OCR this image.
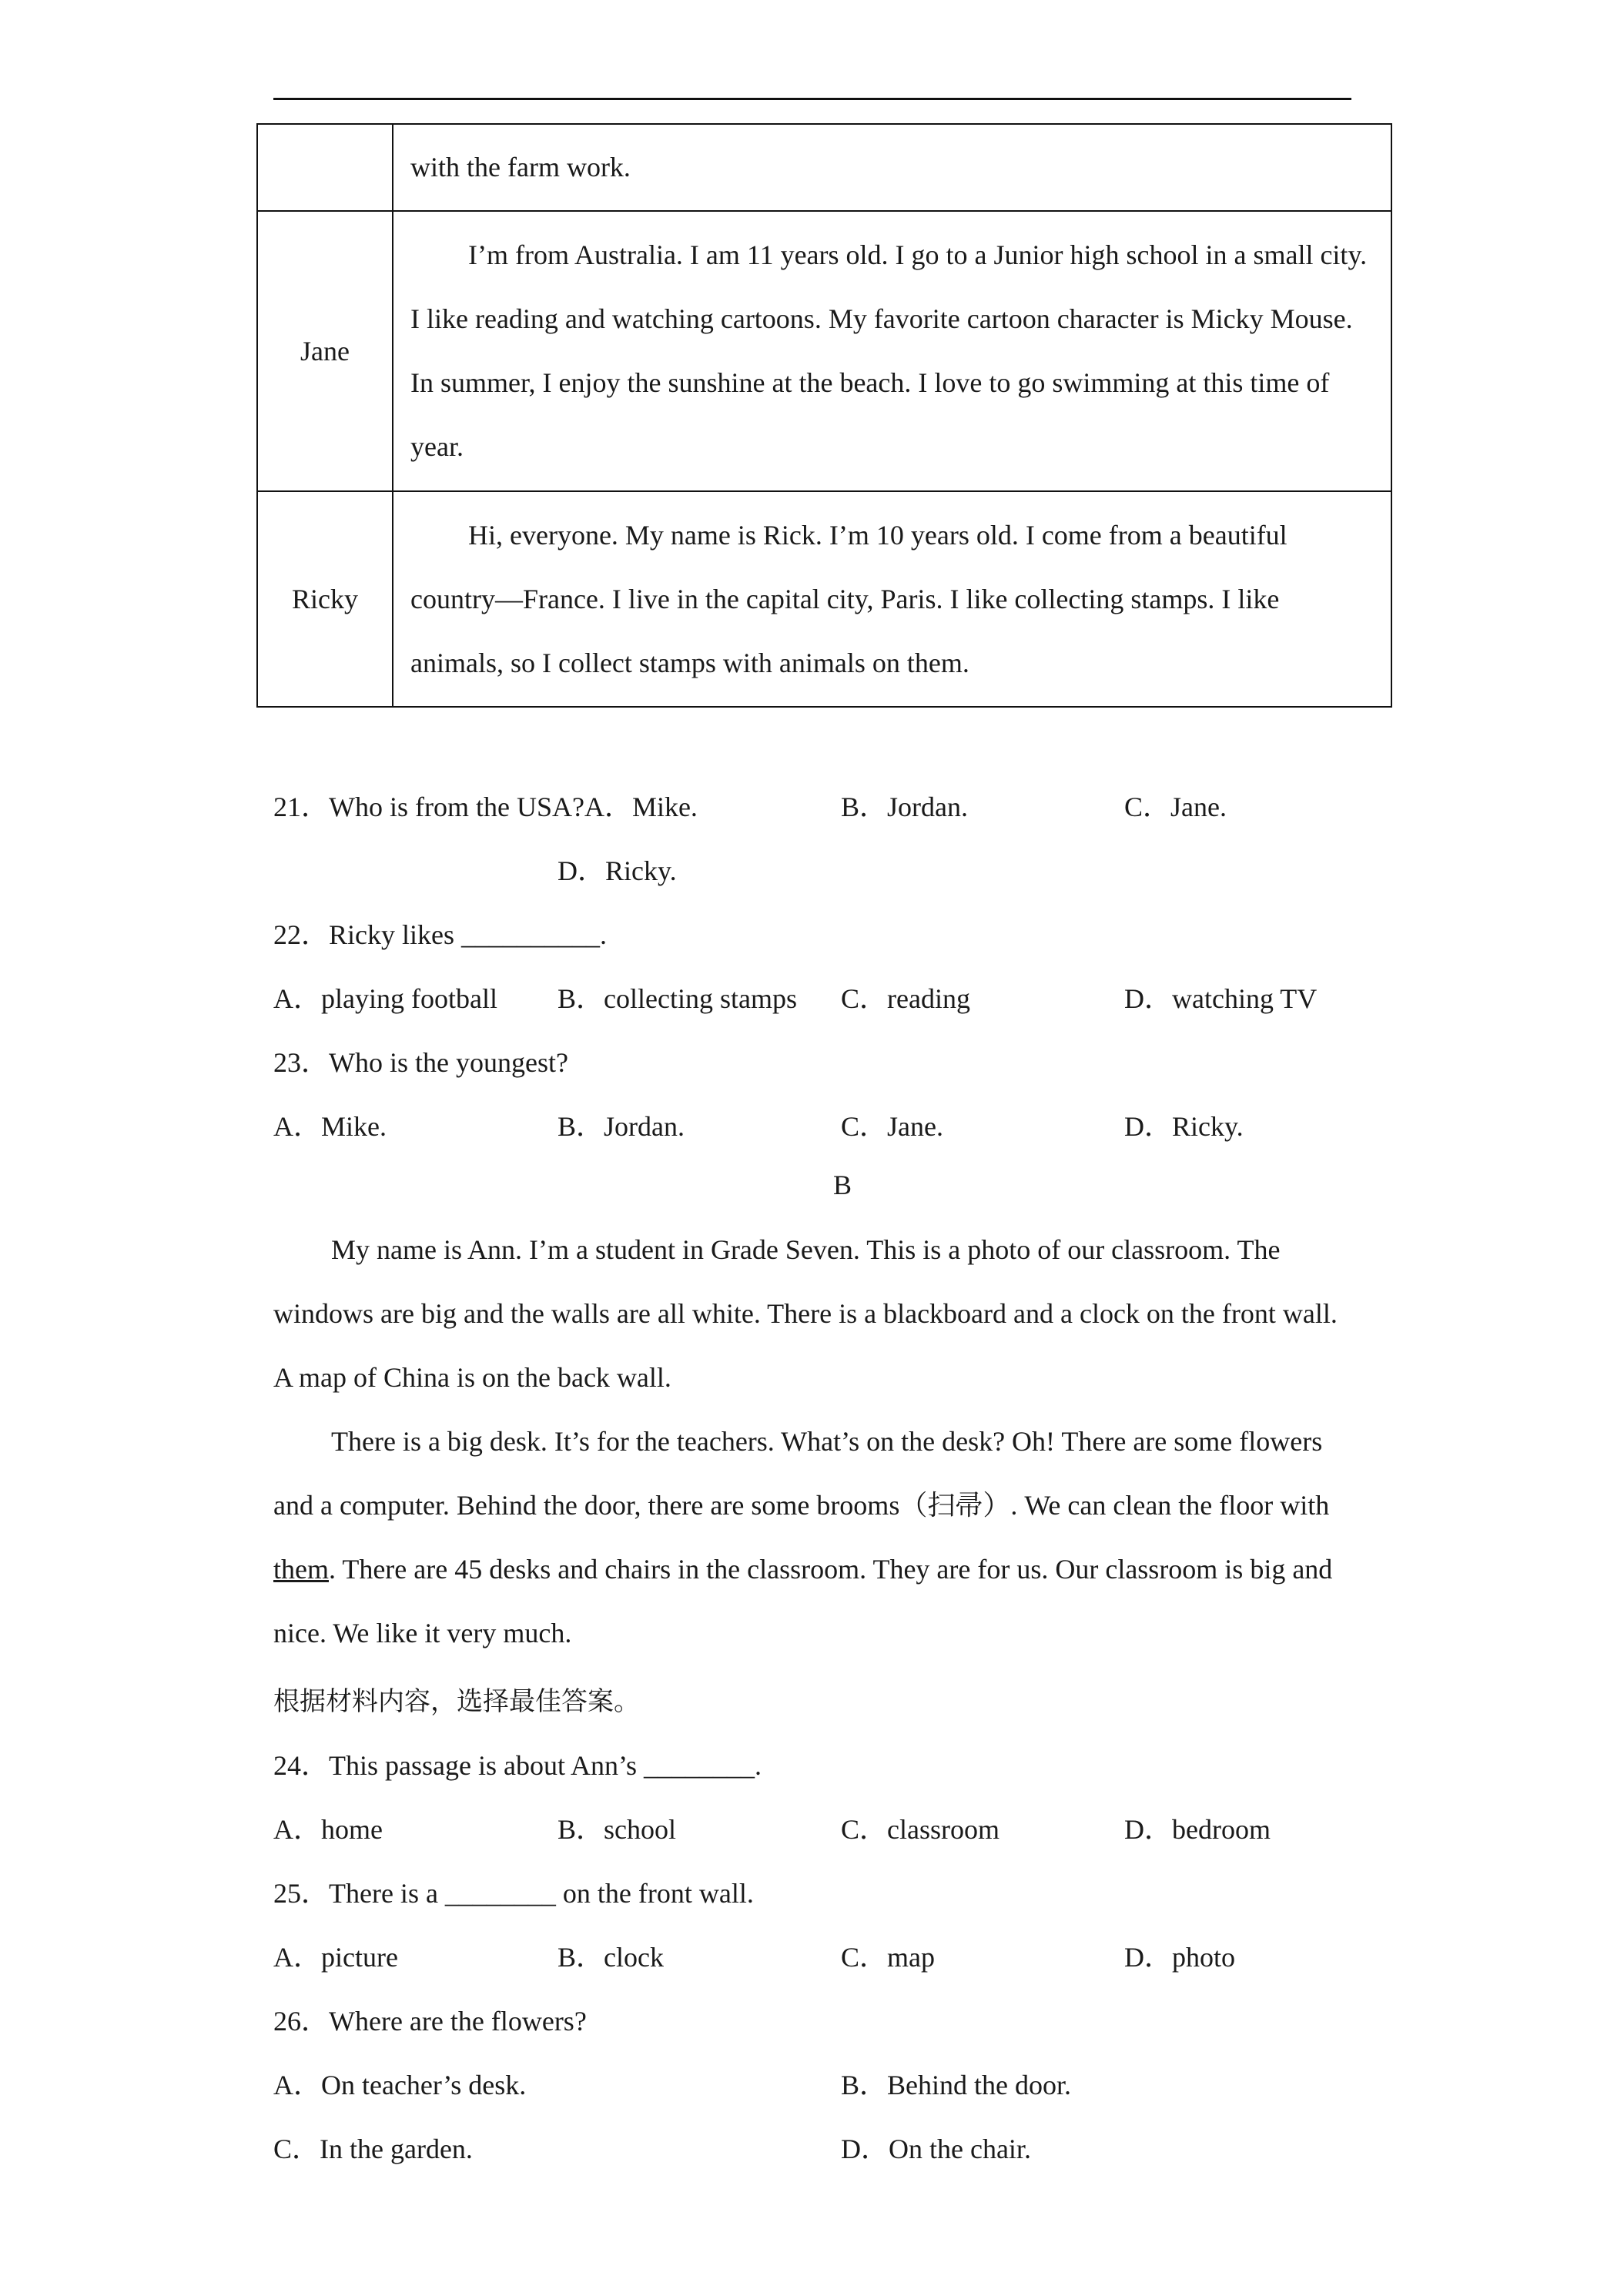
	with the farm work.
Jane	I’m from Australia. I am 11 years old. I go to a Junior high school in a small city. I like reading and watching cartoons. My favorite cartoon character is Micky Mouse. In summer, I enjoy the sunshine at the beach. I love to go swimming at this time of year.
Ricky	Hi, everyone. My name is Rick. I’m 10 years old. I come from a beautiful country—France. I live in the capital city, Paris. I like collecting stamps. I like animals, so I collect stamps with animals on them.
21．Who is from the USA?A．Mike.	B．Jordan.	C．Jane.
D．Ricky.
22．Ricky likes __________.
A．playing football B．collecting stamps C．reading	D．watching TV
23．Who is the youngest?
A．Mike.	B．Jordan.	C．Jane.	D．Ricky.
B

My name is Ann. I’m a student in Grade Seven. This is a photo of our classroom. The windows are big and the walls are all white. There is a blackboard and a clock on the front wall. A map of China is on the back wall.

There is a big desk. It’s for the teachers. What’s on the desk? Oh! There are some flowers and a computer. Behind the door, there are some brooms（扫帚）. We can clean the floor with them. There are 45 desks and chairs in the classroom. They are for us. Our classroom is big and nice. We like it very much.

根据材料内容，选择最佳答案。
24．This passage is about Ann’s ________.
A．home	B．school	C．classroom	D．bedroom
25．There is a ________ on the front wall.
A．picture	B．clock	C．map	D．photo
26．Where are the flowers?
A．On teacher’s desk.	B．Behind the door.
C．In the garden.	D．On the chair.
